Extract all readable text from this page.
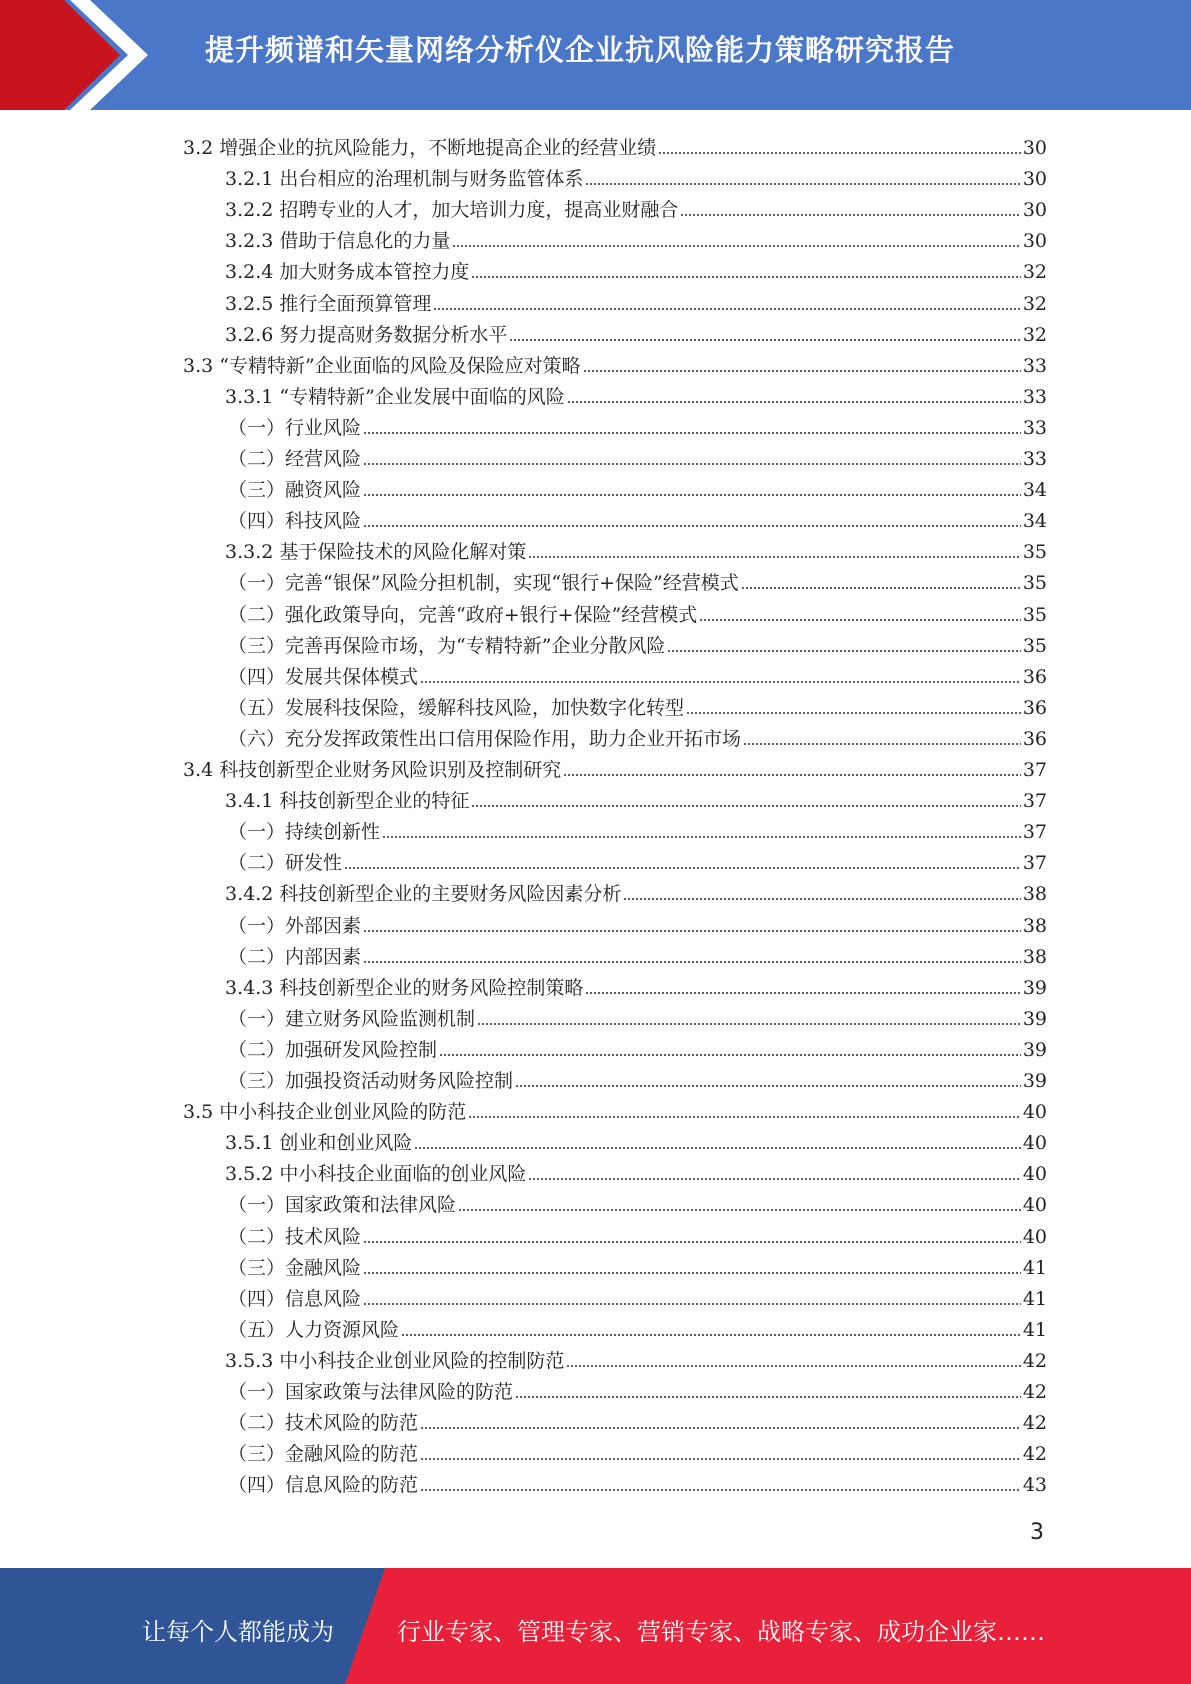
提升频谱和矢量网络分析仪企业抗风险能力策略研究报告
3.2 增强企业的抗风险能力，不断地提高企业的经营业绩	30
3.2.1 出台相应的治理机制与财务监管体系	30
3.2.2 招聘专业的人才，加大培训力度，提高业财融合	30
3.2.3 借助于信息化的力量	30
3.2.4 加大财务成本管控力度	32
3.2.5 推行全面预算管理	32
3.2.6 努力提高财务数据分析水平	32
3.3 “专精特新”企业面临的风险及保险应对策略	33
3.3.1 “专精特新”企业发展中面临的风险	33
（一）行业风险	33
（二）经营风险	33
（三）融资风险	34
（四）科技风险	34
3.3.2 基于保险技术的风险化解对策	35
（一）完善“银保”风险分担机制，实现“银行+保险”经营模式	35
（二）强化政策导向，完善“政府+银行+保险”经营模式	35
（三）完善再保险市场，为“专精特新”企业分散风险	35
（四）发展共保体模式	36
（五）发展科技保险，缓解科技风险，加快数字化转型	36
（六）充分发挥政策性出口信用保险作用，助力企业开拓市场	36
3.4 科技创新型企业财务风险识别及控制研究	37
3.4.1 科技创新型企业的特征	37
（一）持续创新性	37
（二）研发性	37
3.4.2 科技创新型企业的主要财务风险因素分析	38
（一）外部因素	38
（二）内部因素	38
3.4.3 科技创新型企业的财务风险控制策略	39
（一）建立财务风险监测机制	39
（二）加强研发风险控制	39
（三）加强投资活动财务风险控制	39
3.5 中小科技企业创业风险的防范	40
3.5.1 创业和创业风险	40
3.5.2 中小科技企业面临的创业风险	40
（一）国家政策和法律风险	40
（二）技术风险	40
（三）金融风险	41
（四）信息风险	41
（五）人力资源风险	41
3.5.3 中小科技企业创业风险的控制防范	42
（一）国家政策与法律风险的防范	42
（二）技术风险的防范	42
（三）金融风险的防范	42
（四）信息风险的防范	43
3
让每个人都能成为	行业专家、管理专家、营销专家、战略专家、成功企业家……
